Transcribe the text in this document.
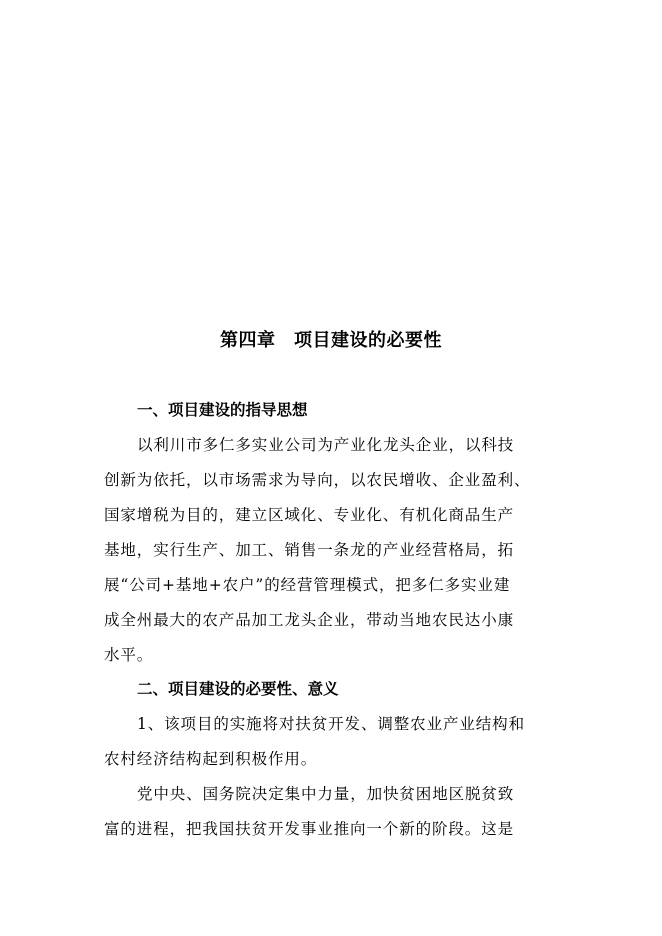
第四章　项目建设的必要性
一、项目建设的指导思想
以利川市多仁多实业公司为产业化龙头企业，以科技
创新为依托，以市场需求为导向，以农民增收、企业盈利、
国家增税为目的，建立区域化、专业化、有机化商品生产
基地，实行生产、加工、销售一条龙的产业经营格局，拓
展“公司+基地+农户”的经营管理模式，把多仁多实业建
成全州最大的农产品加工龙头企业，带动当地农民达小康
水平。
二、项目建设的必要性、意义
1、该项目的实施将对扶贫开发、调整农业产业结构和
农村经济结构起到积极作用。
党中央、国务院决定集中力量，加快贫困地区脱贫致
富的进程，把我国扶贫开发事业推向一个新的阶段。这是
